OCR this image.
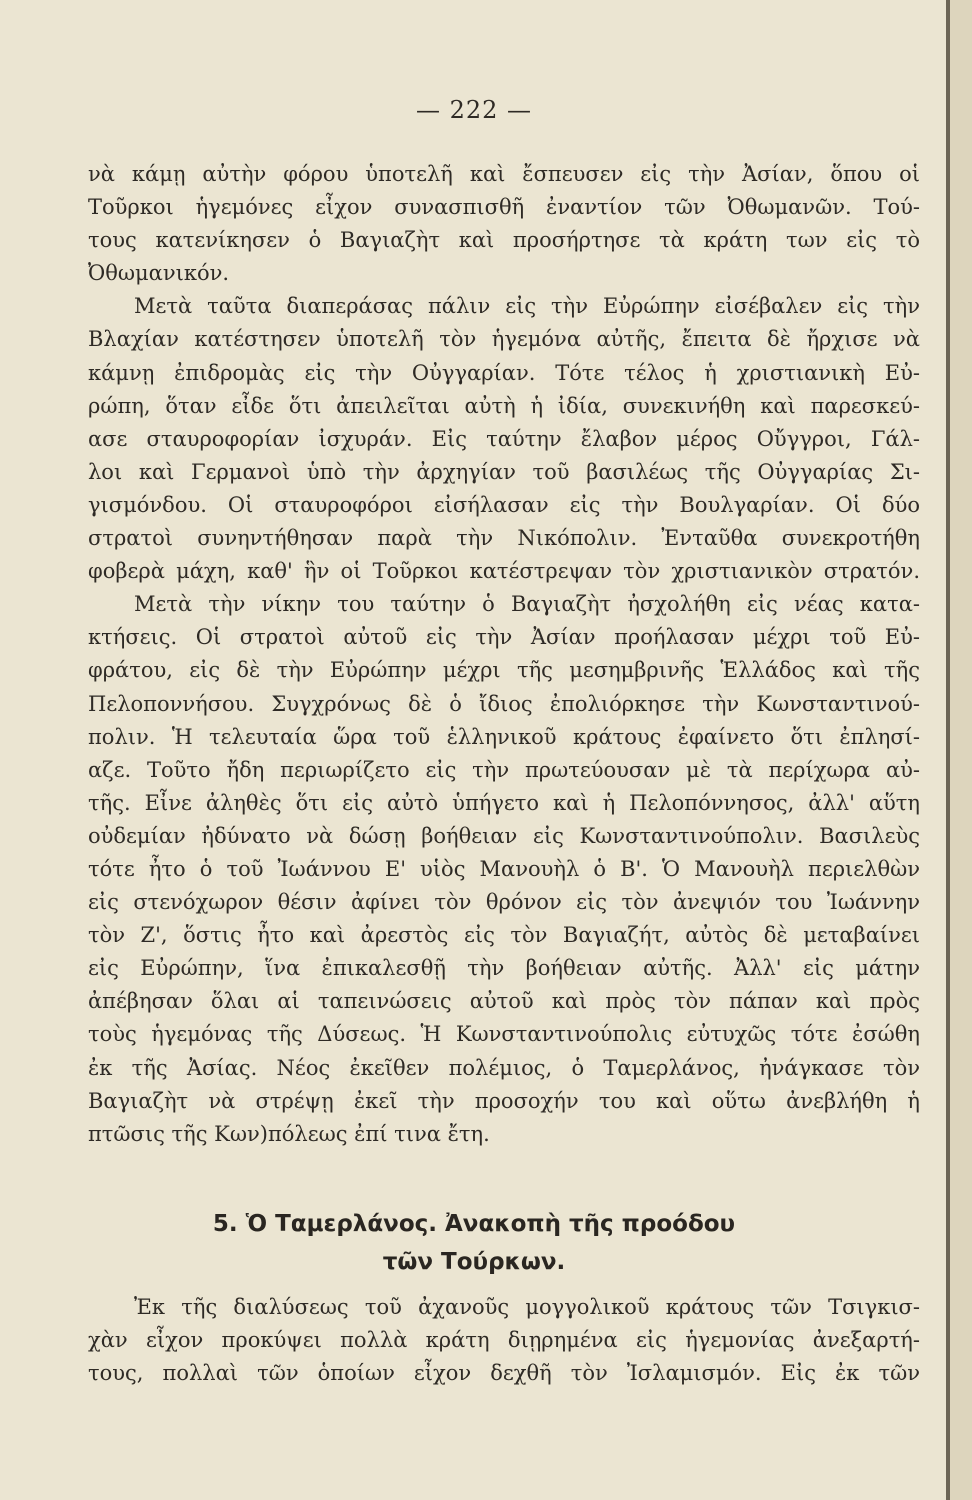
— 222 —
νὰ κάμῃ αὐτὴν φόρου ὑποτελῆ καὶ ἔσπευσεν εἰς τὴν Ἀσίαν, ὅπου οἱ
Τοῦρκοι ἡγεμόνες εἶχον συνασπισθῆ ἐναντίον τῶν Ὀθωμανῶν. Τού-
τους κατενίκησεν ὁ Βαγιαζὴτ καὶ προσήρτησε τὰ κράτη των εἰς τὸ
Ὀθωμανικόν.
Μετὰ ταῦτα διαπεράσας πάλιν εἰς τὴν Εὐρώπην εἰσέβαλεν εἰς τὴν
Βλαχίαν κατέστησεν ὑποτελῆ τὸν ἡγεμόνα αὐτῆς, ἔπειτα δὲ ἤρχισε νὰ
κάμνῃ ἐπιδρομὰς εἰς τὴν Οὐγγαρίαν. Τότε τέλος ἡ χριστιανικὴ Εὐ-
ρώπη, ὅταν εἶδε ὅτι ἀπειλεῖται αὐτὴ ἡ ἰδία, συνεκινήθη καὶ παρεσκεύ-
ασε σταυροφορίαν ἰσχυράν. Εἰς ταύτην ἔλαβον μέρος Οὔγγροι, Γάλ-
λοι καὶ Γερμανοὶ ὑπὸ τὴν ἀρχηγίαν τοῦ βασιλέως τῆς Οὐγγαρίας Σι-
γισμόνδου. Οἱ σταυροφόροι εἰσήλασαν εἰς τὴν Βουλγαρίαν. Οἱ δύο
στρατοὶ συνηντήθησαν παρὰ τὴν Νικόπολιν. Ἐνταῦθα συνεκροτήθη
φοβερὰ μάχη, καθ' ἣν οἱ Τοῦρκοι κατέστρεψαν τὸν χριστιανικὸν στρατόν.
Μετὰ τὴν νίκην του ταύτην ὁ Βαγιαζὴτ ἠσχολήθη εἰς νέας κατα-
κτήσεις. Οἱ στρατοὶ αὐτοῦ εἰς τὴν Ἀσίαν προήλασαν μέχρι τοῦ Εὐ-
φράτου, εἰς δὲ τὴν Εὐρώπην μέχρι τῆς μεσημβρινῆς Ἑλλάδος καὶ τῆς
Πελοποννήσου. Συγχρόνως δὲ ὁ ἴδιος ἐπολιόρκησε τὴν Κωνσταντινού-
πολιν. Ἡ τελευταία ὥρα τοῦ ἑλληνικοῦ κράτους ἐφαίνετο ὅτι ἐπλησί-
αζε. Τοῦτο ἤδη περιωρίζετο εἰς τὴν πρωτεύουσαν μὲ τὰ περίχωρα αὐ-
τῆς. Εἶνε ἀληθὲς ὅτι εἰς αὐτὸ ὑπήγετο καὶ ἡ Πελοπόννησος, ἀλλ' αὕτη
οὐδεμίαν ἠδύνατο νὰ δώσῃ βοήθειαν εἰς Κωνσταντινούπολιν. Βασιλεὺς
τότε ἦτο ὁ τοῦ Ἰωάννου Ε' υἱὸς Μανουὴλ ὁ Β'. Ὁ Μανουὴλ περιελθὼν
εἰς στενόχωρον θέσιν ἀφίνει τὸν θρόνον εἰς τὸν ἀνεψιόν του Ἰωάννην
τὸν Ζ', ὅστις ἦτο καὶ ἀρεστὸς εἰς τὸν Βαγιαζήτ, αὐτὸς δὲ μεταβαίνει
εἰς Εὐρώπην, ἵνα ἐπικαλεσθῇ τὴν βοήθειαν αὐτῆς. Ἀλλ' εἰς μάτην
ἀπέβησαν ὅλαι αἱ ταπεινώσεις αὐτοῦ καὶ πρὸς τὸν πάπαν καὶ πρὸς
τοὺς ἡγεμόνας τῆς Δύσεως. Ἡ Κωνσταντινούπολις εὐτυχῶς τότε ἐσώθη
ἐκ τῆς Ἀσίας. Νέος ἐκεῖθεν πολέμιος, ὁ Ταμερλάνος, ἠνάγκασε τὸν
Βαγιαζὴτ νὰ στρέψῃ ἐκεῖ τὴν προσοχήν του καὶ οὕτω ἀνεβλήθη ἡ
πτῶσις τῆς Κων)πόλεως ἐπί τινα ἔτη.
5. Ὁ Ταμερλάνος. Ἀνακοπὴ τῆς προόδου
τῶν Τούρκων.
Ἐκ τῆς διαλύσεως τοῦ ἀχανοῦς μογγολικοῦ κράτους τῶν Τσιγκισ-
χὰν εἶχον προκύψει πολλὰ κράτη διῃρημένα εἰς ἡγεμονίας ἀνεξαρτή-
τους, πολλαὶ τῶν ὁποίων εἶχον δεχθῆ τὸν Ἰσλαμισμόν. Εἰς ἐκ τῶν
